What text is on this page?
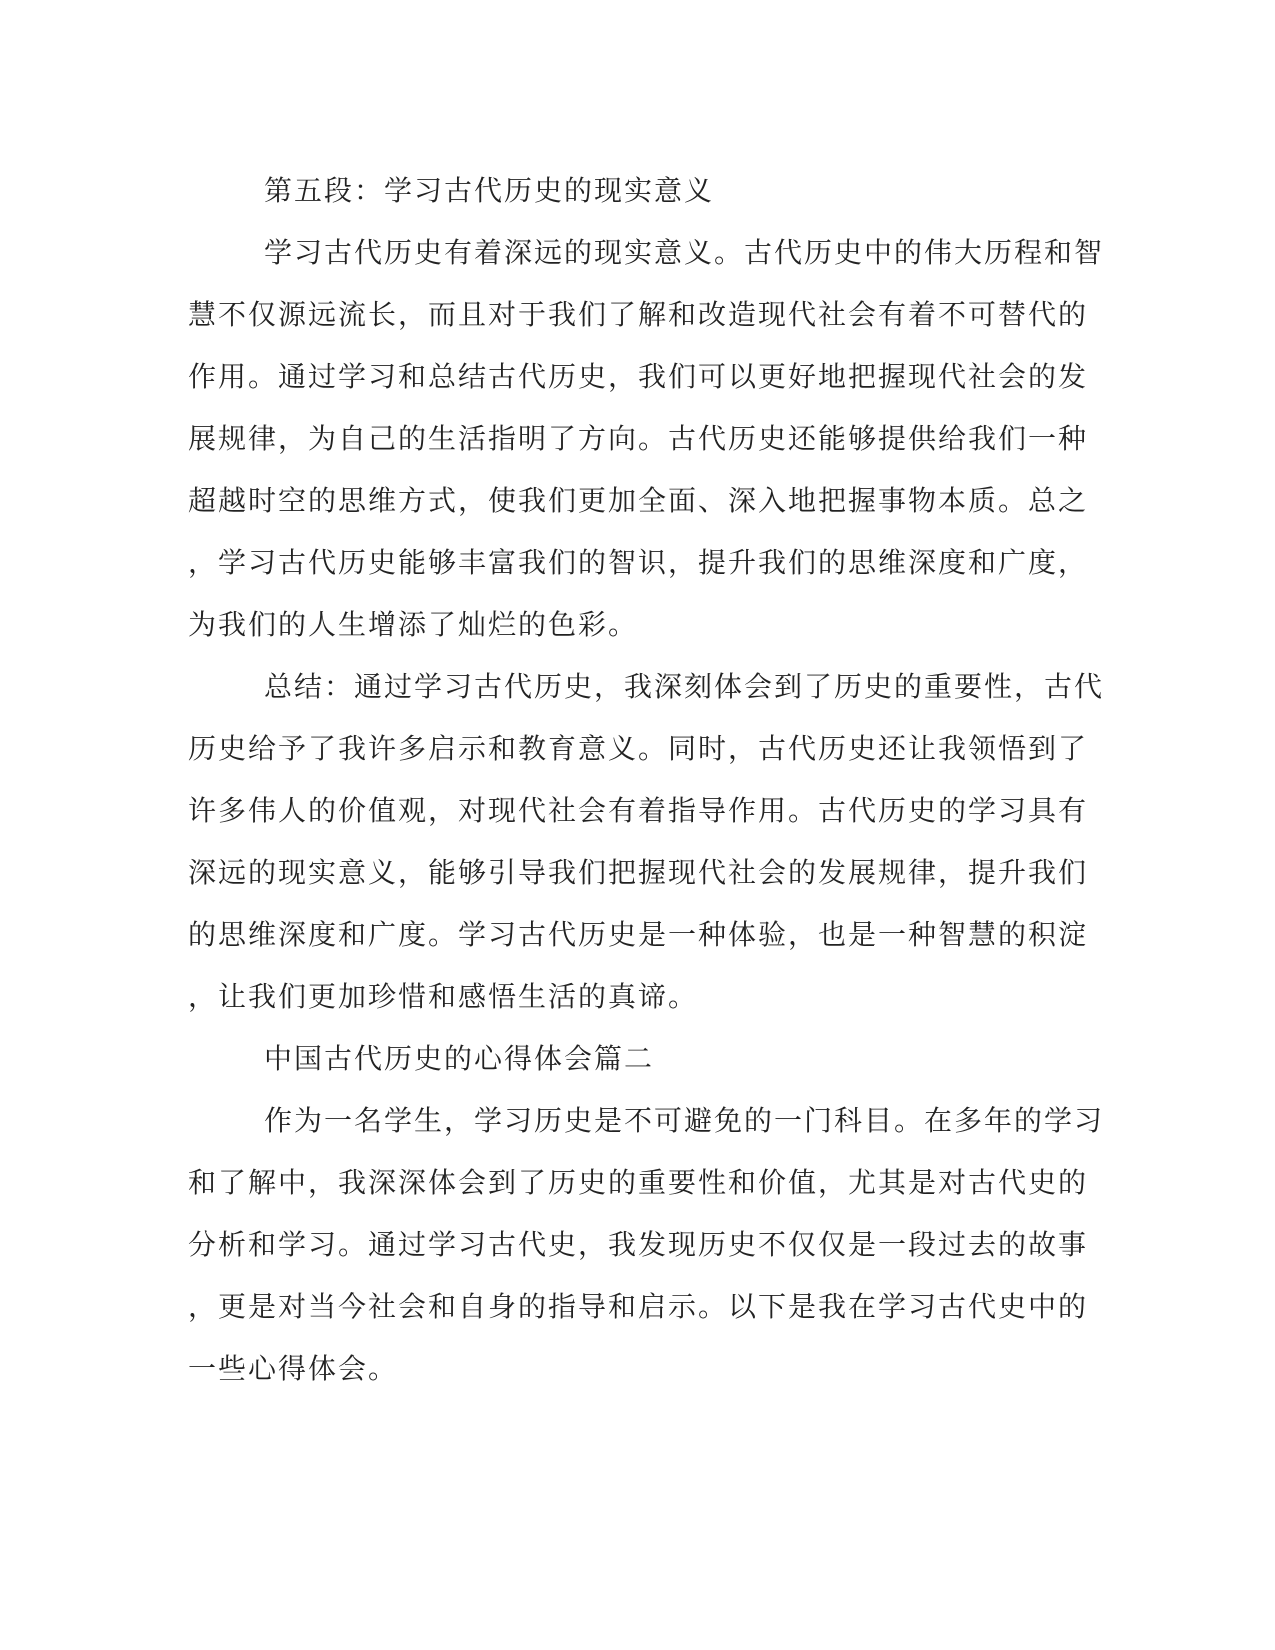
第五段：学习古代历史的现实意义
学习古代历史有着深远的现实意义。古代历史中的伟大历程和智
慧不仅源远流长，而且对于我们了解和改造现代社会有着不可替代的
作用。通过学习和总结古代历史，我们可以更好地把握现代社会的发
展规律，为自己的生活指明了方向。古代历史还能够提供给我们一种
超越时空的思维方式，使我们更加全面、深入地把握事物本质。总之
，学习古代历史能够丰富我们的智识，提升我们的思维深度和广度，
为我们的人生增添了灿烂的色彩。
总结：通过学习古代历史，我深刻体会到了历史的重要性，古代
历史给予了我许多启示和教育意义。同时，古代历史还让我领悟到了
许多伟人的价值观，对现代社会有着指导作用。古代历史的学习具有
深远的现实意义，能够引导我们把握现代社会的发展规律，提升我们
的思维深度和广度。学习古代历史是一种体验，也是一种智慧的积淀
，让我们更加珍惜和感悟生活的真谛。
中国古代历史的心得体会篇二
作为一名学生，学习历史是不可避免的一门科目。在多年的学习
和了解中，我深深体会到了历史的重要性和价值，尤其是对古代史的
分析和学习。通过学习古代史，我发现历史不仅仅是一段过去的故事
，更是对当今社会和自身的指导和启示。以下是我在学习古代史中的
一些心得体会。
